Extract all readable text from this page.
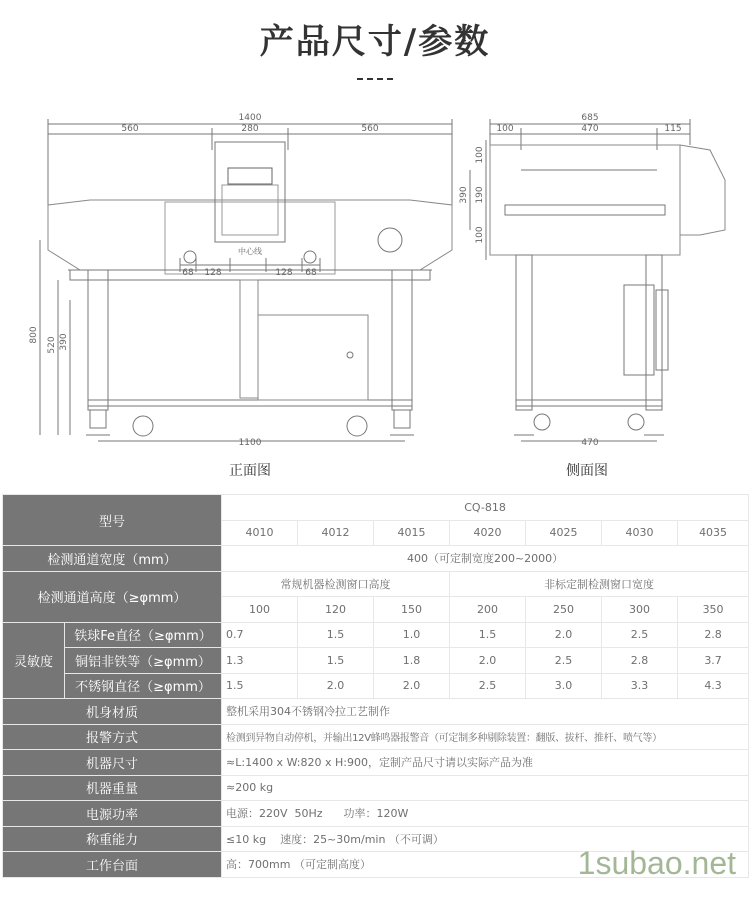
产品尺寸/参数
1400
560	280	560
中心线
68 128	128 68
1100
800
520 390
685
100	470	115
470
100
390 190
100
正面图	侧面图
型号		CQ-818						
		4010	4012	4015	4020	4025	4030	4035
检测通道宽度（mm）		400（可定制宽度200~2000）						
检测通道高度（≥φmm）		常规机器检测窗口高度			非标定制检测窗口宽度			
		100	120	150	200	250	300	350
灵敏度	铁球Fe直径（≥φmm）	0.7	1.5	1.0	1.5	2.0	2.5	2.8
	铜铝非铁等（≥φmm）	1.3	1.5	1.8	2.0	2.5	2.8	3.7
	不锈钢直径（≥φmm）	1.5	2.0	2.0	2.5	3.0	3.3	4.3
机身材质		整机采用304不锈钢冷拉工艺制作						
报警方式		检测到异物自动停机，并输出12V蜂鸣器报警音（可定制多种剔除装置：翻版、拔杆、推杆、喷气等）						
机器尺寸		≈L:1400 x W:820 x H:900，定制产品尺寸请以实际产品为准						
机器重量		≈200 kg						
电源功率		电源：220V  50Hz      功率：120W						
称重能力		≤10 kg    速度：25~30m/min （不可调）						
工作台面		高：700mm （可定制高度）							1subao.net
